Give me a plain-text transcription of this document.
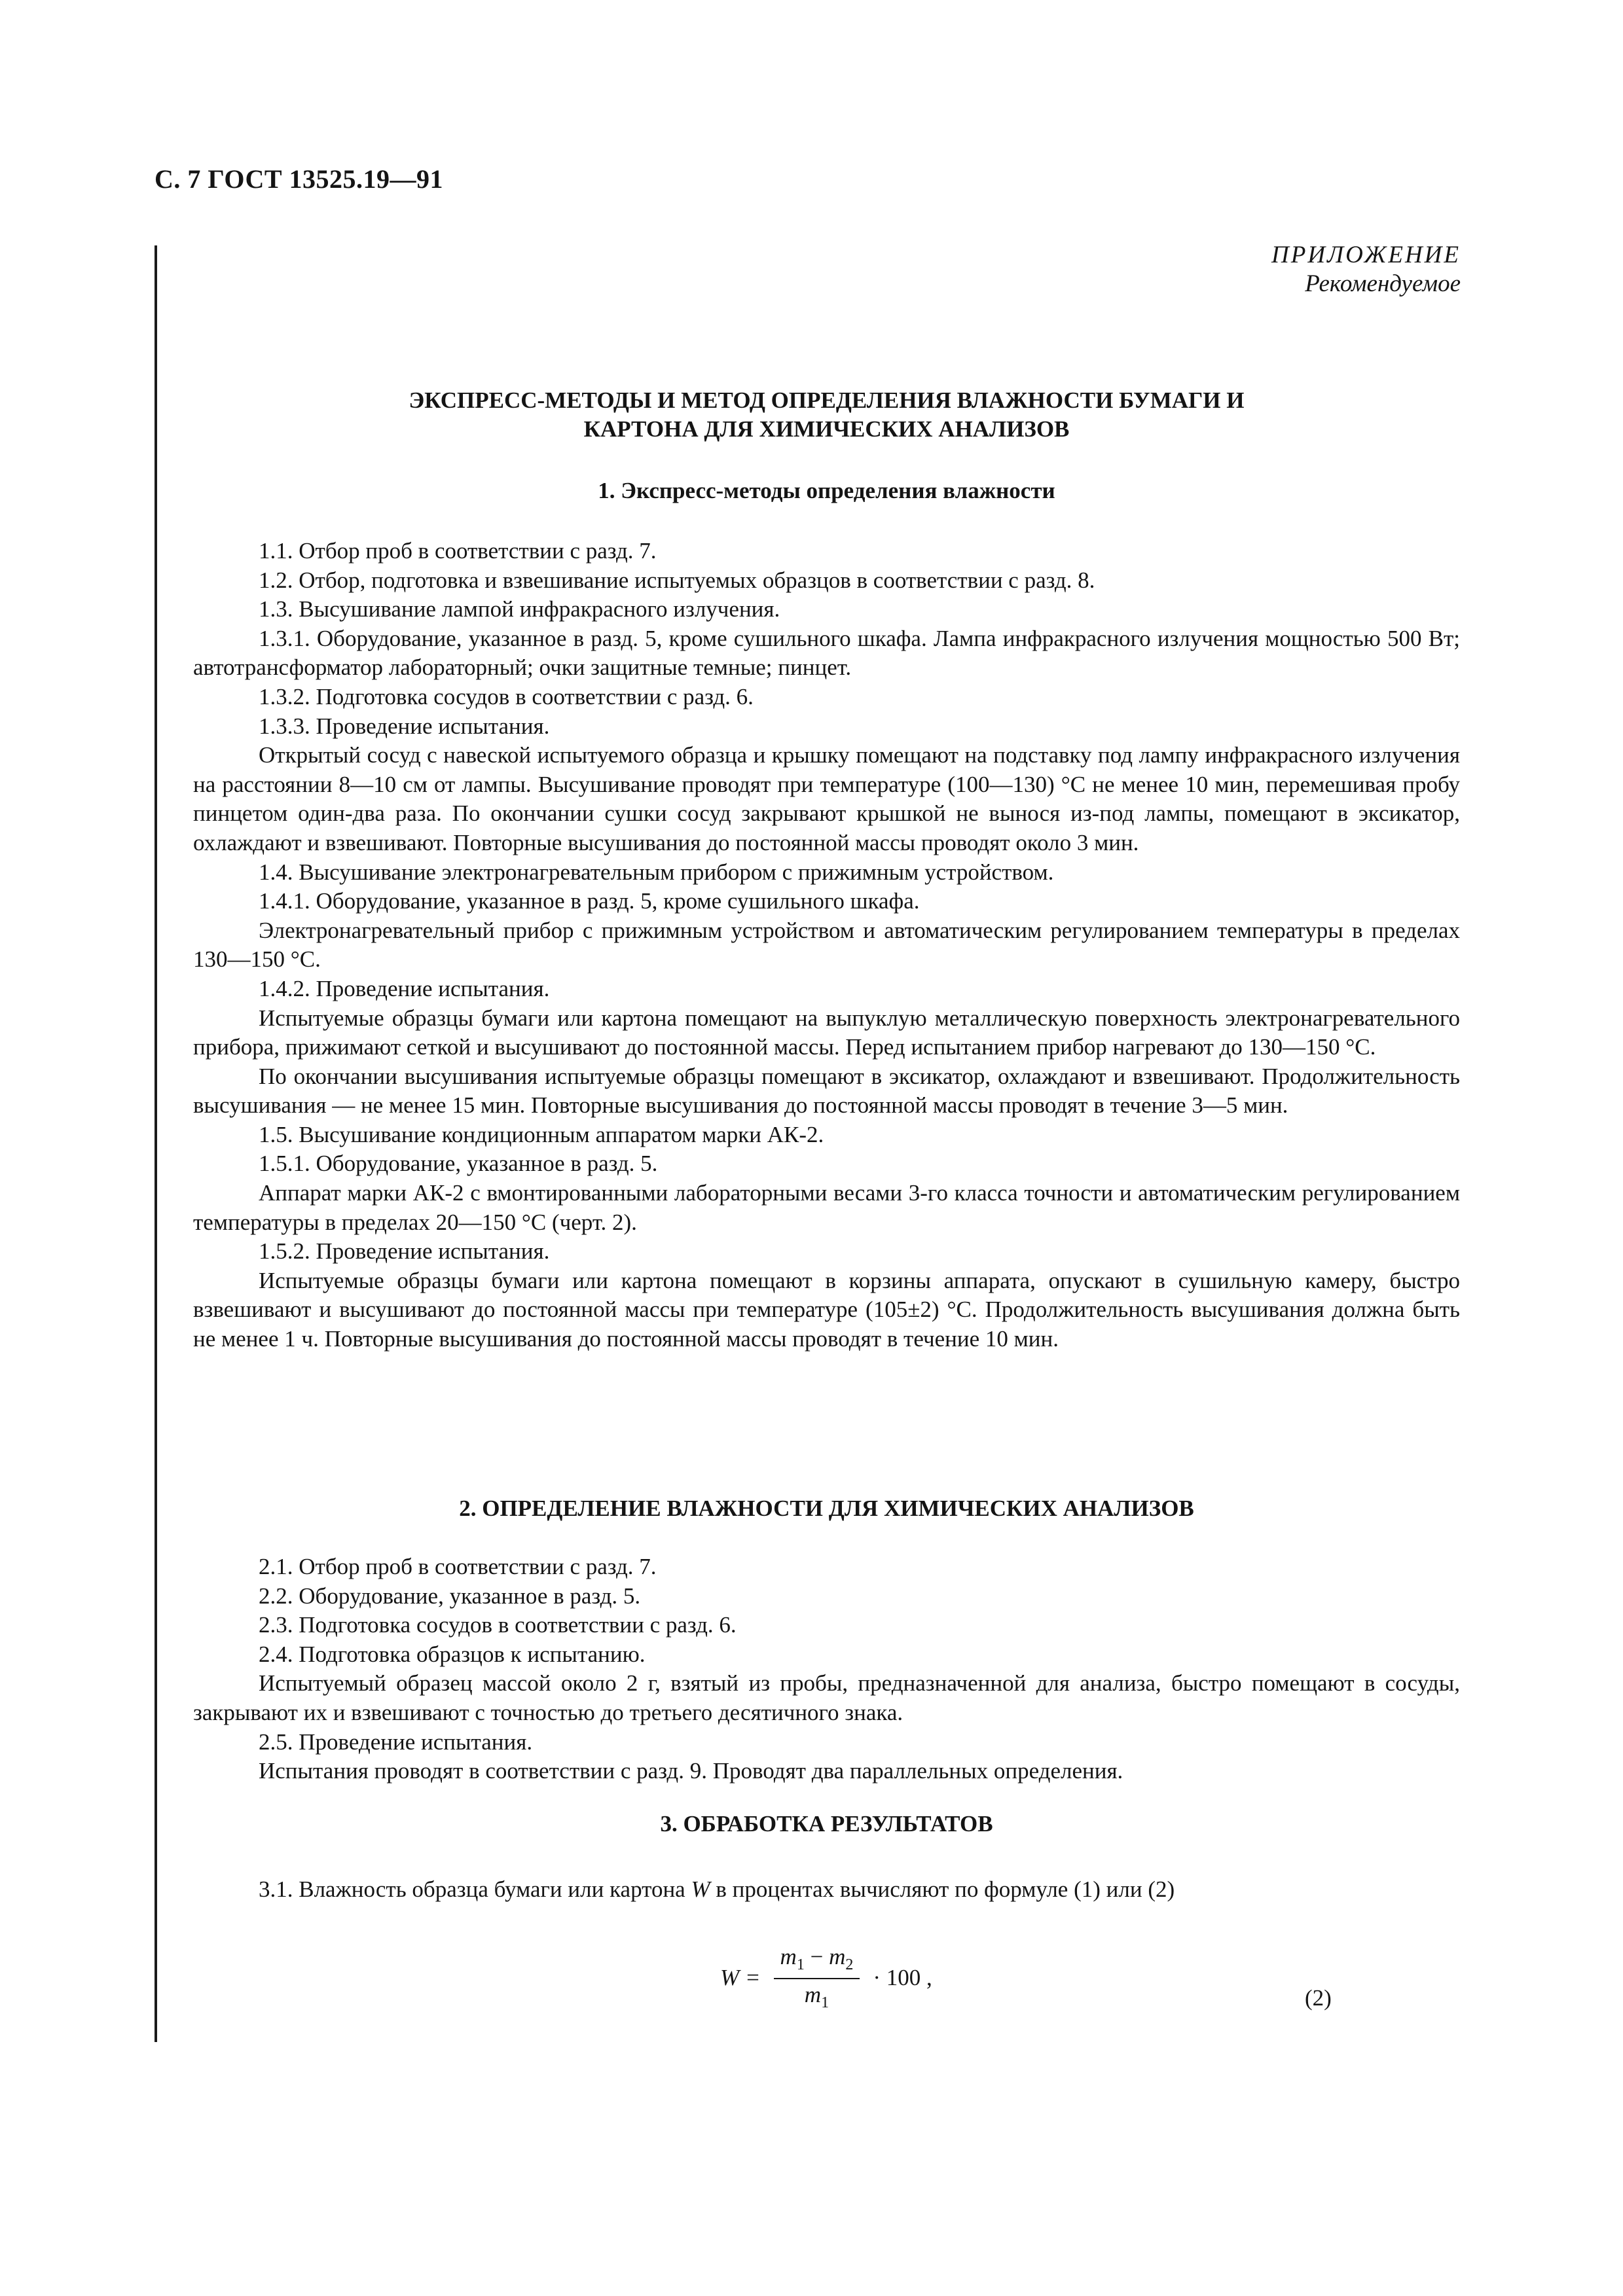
С. 7 ГОСТ 13525.19—91
ПРИЛОЖЕНИЕ
Рекомендуемое
ЭКСПРЕСС-МЕТОДЫ И МЕТОД ОПРЕДЕЛЕНИЯ ВЛАЖНОСТИ БУМАГИ И
КАРТОНА ДЛЯ ХИМИЧЕСКИХ АНАЛИЗОВ
1. Экспресс-методы определения влажности

1.1. Отбор проб в соответствии с разд. 7.

1.2. Отбор, подготовка и взвешивание испытуемых образцов в соответствии с разд. 8.

1.3. Высушивание лампой инфракрасного излучения.

1.3.1. Оборудование, указанное в разд. 5, кроме сушильного шкафа. Лампа инфракрасного излучения мощностью 500 Вт; автотрансформатор лабораторный; очки защитные темные; пинцет.

1.3.2. Подготовка сосудов в соответствии с разд. 6.

1.3.3. Проведение испытания.

Открытый сосуд с навеской испытуемого образца и крышку помещают на подставку под лампу инфракрасного излучения на расстоянии 8—10 см от лампы. Высушивание проводят при температуре (100—130) °С не менее 10 мин, перемешивая пробу пинцетом один-два раза. По окончании сушки сосуд закрывают крышкой не вынося из-под лампы, помещают в эксикатор, охлаждают и взвешивают. Повторные высушивания до постоянной массы проводят около 3 мин.

1.4. Высушивание электронагревательным прибором с прижимным устройством.

1.4.1. Оборудование, указанное в разд. 5, кроме сушильного шкафа.

Электронагревательный прибор с прижимным устройством и автоматическим регулированием температуры в пределах 130—150 °С.

1.4.2. Проведение испытания.

Испытуемые образцы бумаги или картона помещают на выпуклую металлическую поверхность электронагревательного прибора, прижимают сеткой и высушивают до постоянной массы. Перед испытанием прибор нагревают до 130—150 °С.

По окончании высушивания испытуемые образцы помещают в эксикатор, охлаждают и взвешивают. Продолжительность высушивания — не менее 15 мин. Повторные высушивания до постоянной массы проводят в течение 3—5 мин.

1.5. Высушивание кондиционным аппаратом марки АК-2.

1.5.1. Оборудование, указанное в разд. 5.

Аппарат марки АК-2 с вмонтированными лабораторными весами 3-го класса точности и автоматическим регулированием температуры в пределах 20—150 °С (черт. 2).

1.5.2. Проведение испытания.

Испытуемые образцы бумаги или картона помещают в корзины аппарата, опускают в сушильную камеру, быстро взвешивают и высушивают до постоянной массы при температуре (105±2) °С. Продолжительность высушивания должна быть не менее 1 ч. Повторные высушивания до постоянной массы проводят в течение 10 мин.

2. ОПРЕДЕЛЕНИЕ ВЛАЖНОСТИ ДЛЯ ХИМИЧЕСКИХ АНАЛИЗОВ

2.1. Отбор проб в соответствии с разд. 7.

2.2. Оборудование, указанное в разд. 5.

2.3. Подготовка сосудов в соответствии с разд. 6.

2.4. Подготовка образцов к испытанию.

Испытуемый образец массой около 2 г, взятый из пробы, предназначенной для анализа, быстро помещают в сосуды, закрывают их и взвешивают с точностью до третьего десятичного знака.

2.5. Проведение испытания.

Испытания проводят в соответствии с разд. 9. Проводят два параллельных определения.

3. ОБРАБОТКА РЕЗУЛЬТАТОВ

3.1. Влажность образца бумаги или картона W в процентах вычисляют по формуле (1) или (2)

$W = \frac{m_1 - m_2}{m_1} \cdot 100$ ,
(2)
